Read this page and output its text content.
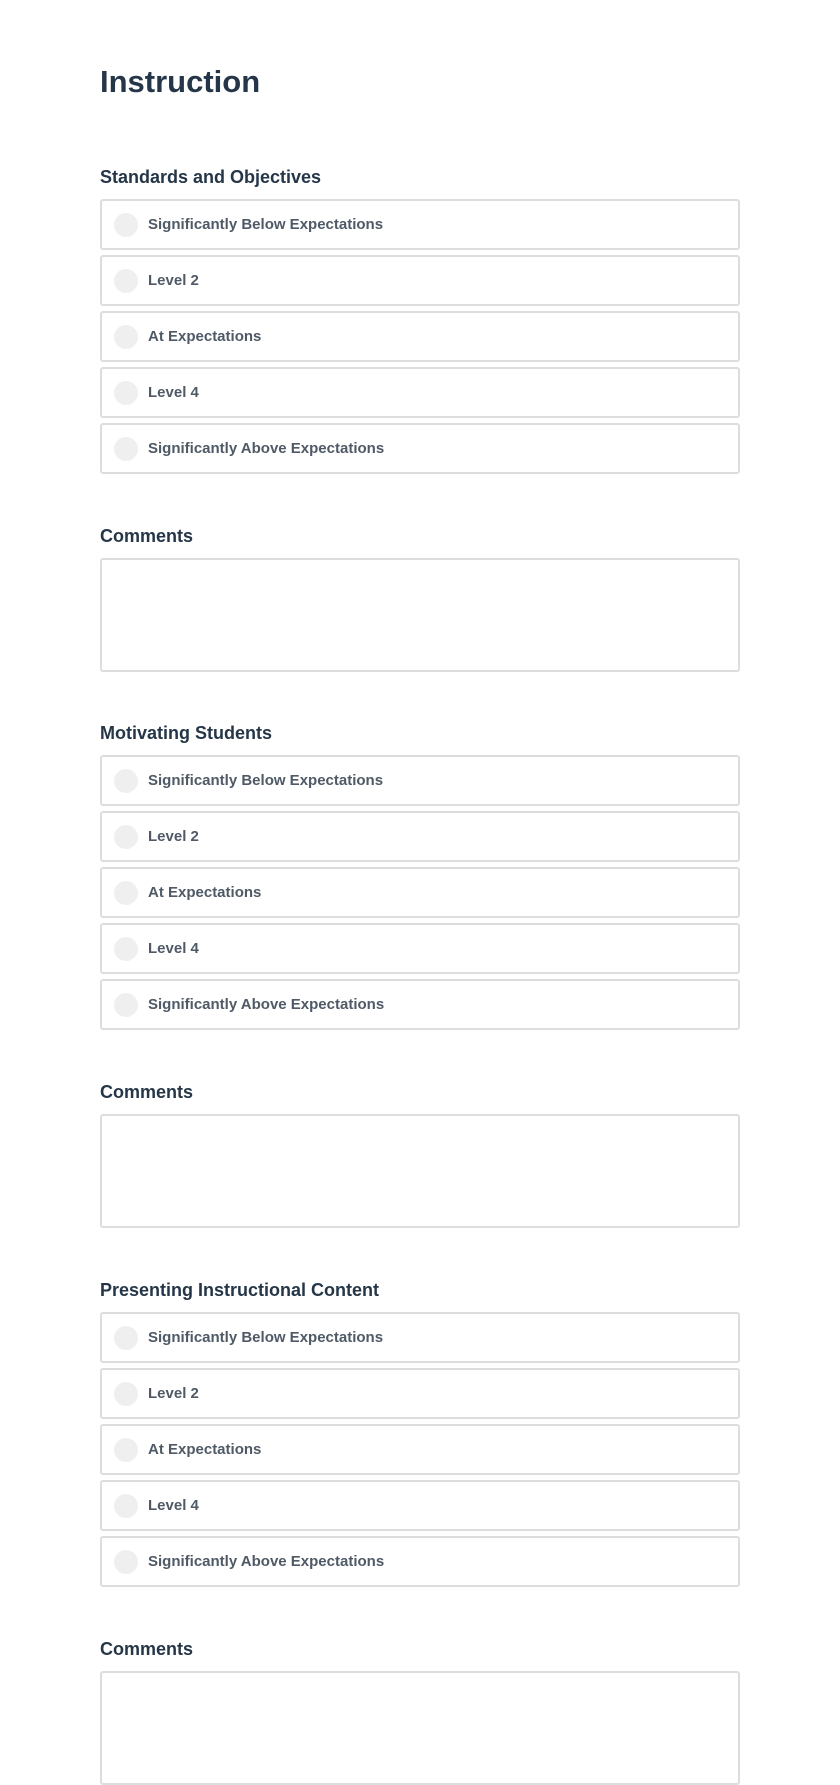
Instruction
Standards and Objectives
Significantly Below Expectations
Level 2
At Expectations
Level 4
Significantly Above Expectations
Comments
Motivating Students
Significantly Below Expectations
Level 2
At Expectations
Level 4
Significantly Above Expectations
Comments
Presenting Instructional Content
Significantly Below Expectations
Level 2
At Expectations
Level 4
Significantly Above Expectations
Comments
